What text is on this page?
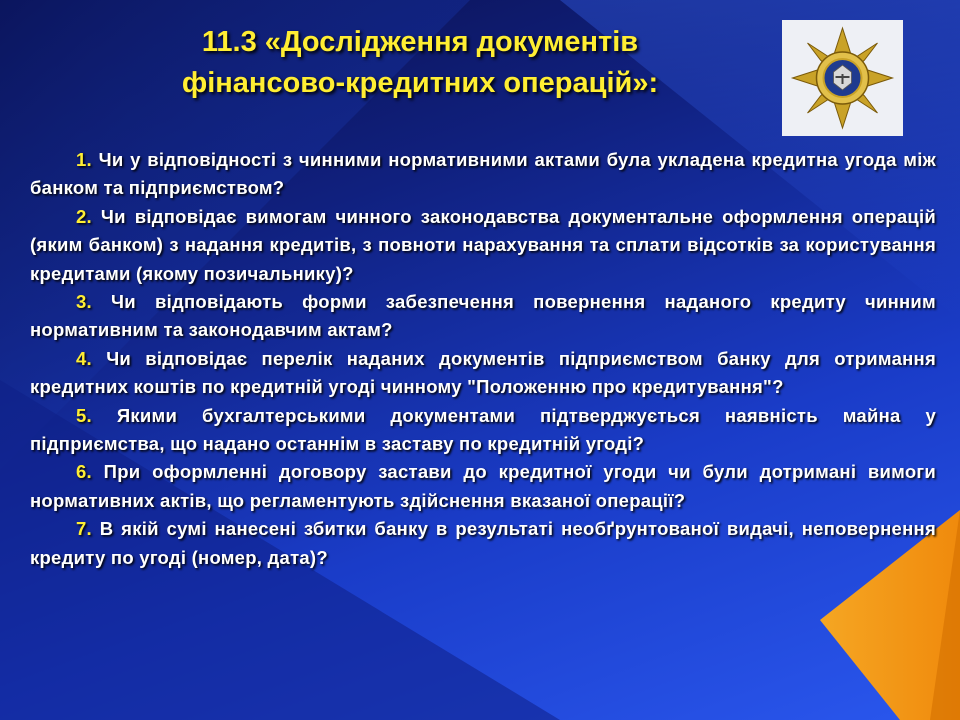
11.3 «Дослідження документів
фінансово-кредитних операцій»:

1. Чи у відповідності з чинними нормативними актами була укладена кредитна угода між банком та підприємством?

2. Чи відповідає вимогам чинного законодавства документальне оформлення операцій (яким банком) з надання кредитів, з повноти нарахування та сплати відсотків за користування кредитами (якому позичальнику)?

3. Чи відповідають форми забезпечення повернення наданого кредиту чинним нормативним та законодавчим актам?

4. Чи відповідає перелік наданих документів підприємством банку для отримання кредитних коштів по кредитній угоді чинному "Положенню про кредитування"?

5. Якими бухгалтерськими документами підтверджується наявність майна у підприємства, що надано останнім в заставу по кредитній угоді?

6. При оформленні договору застави до кредитної угоди чи були дотримані вимоги нормативних актів, що регламентують здійснення вказаної операції?

7. В якій сумі нанесені збитки банку в результаті необґрунтованої видачі, неповернення кредиту по угоді (номер, дата)?
